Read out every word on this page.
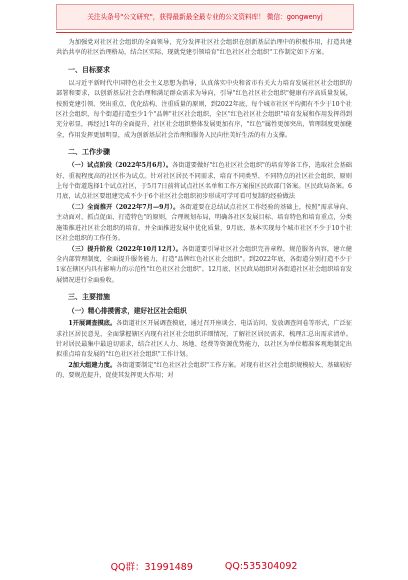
关注头条号"公文研究"，获得最新最全最专业的公文资料库！ 微信：gongwenyj

为加强党对社区社会组织的全面领导，充分发挥社区社会组织在创新基层治理中的积极作用，打造共建共治共享的社区治理格局，结合区实际，现就党建引领培育"红色社区社会组织"工作制定如下方案。

一、目标要求

以习近平新时代中国特色社会主义思想为指导，认真落实中央和省市有关大力培育发展社区社会组织的部署和要求，以创新基层社会治理和满足群众需求为导向，引导"红色社区社会组织"健康有序高质量发展，按照党建引领、突出重点、优化结构、注重质量的原则，到2022年底，每个城市社区平均拥有不少于10个社区社会组织，每个街道打造至少1个"品牌"社区社会组织，全区"红色社区社会组织"培育发展和作用发挥得到充分彰显，再经过1年的全面提升，社区社会组织整体发展更加有序，"红色"属性更加突出，管理制度更加健全，作用发挥更加明显，成为创新基层社会治理和服务人民向往美好生活的有力支撑。

二、工作步骤

（一）试点阶段（2022年5月6月）。各街道要做好"红色社区社会组织"的培育筹备工作，选取社会基础好、重视程度高的社区作为试点。针对社区居民不同需求，培育不同类型、不同特点的社区社会组织，原则上每个街道选择1个试点社区，于5月7日前将试点社区名单和工作方案报区民政部门备案。区民政局备案。6月底，试点社区要组建完成不少于6个社区社会组织初步形成可学可看可复制的经验做法

（二）全面推开（2022年7月—9月）。各街道要在总结试点社区工作经验的基础上，按照"需求导向、主动面对、抓点促面、打造特色"的原则，合理规划布局，明确各社区发展目标、培育特色和培育重点，分类施策推进社区社会组织的培育，并全面推进发展中优化质量，9月底，基本实现每个城市社区不少于10个社区社会组织的工作任务。

（三）提升阶段（2022年10月12月）。各街道要引导社区社会组织完善章程，规范服务内容，建立健全内部管理制度，全面提升服务能力，打造"品牌红色社区社会组织"。到2022年底，各街道分别打造不少于1家在辖区内具有影响力的示范性"红色社区社会组织"。12月底，区民政局组织对各街道社区社会组织培育发展情况进行全面验收。

三、主要措施
（一）精心排摸需求，建好社区社会组织

1开展调查摸底。各街道社区开展调查摸底，通过召开座谈会、电话访问、发放调查问卷等形式，广泛征求社区居民意见，全面掌握辖区内现有社区社会组织详细情况，了解社区居民需求，梳理汇总出需求清单。针对居民最集中最迫切需求，结合社区人力、场地、经费等资源优势能力，以社区为单位精准客观地制定出拟重点培育发展的"红色社区社会组织"工作计划。

2加大组建力度。各街道要制定"红色社区社会组织"工作方案。对现有社区社会组织规模较大、基础较好的，要规范提升，促使其发挥更大作用；对

QQ群：31991489	QQ:535304092
